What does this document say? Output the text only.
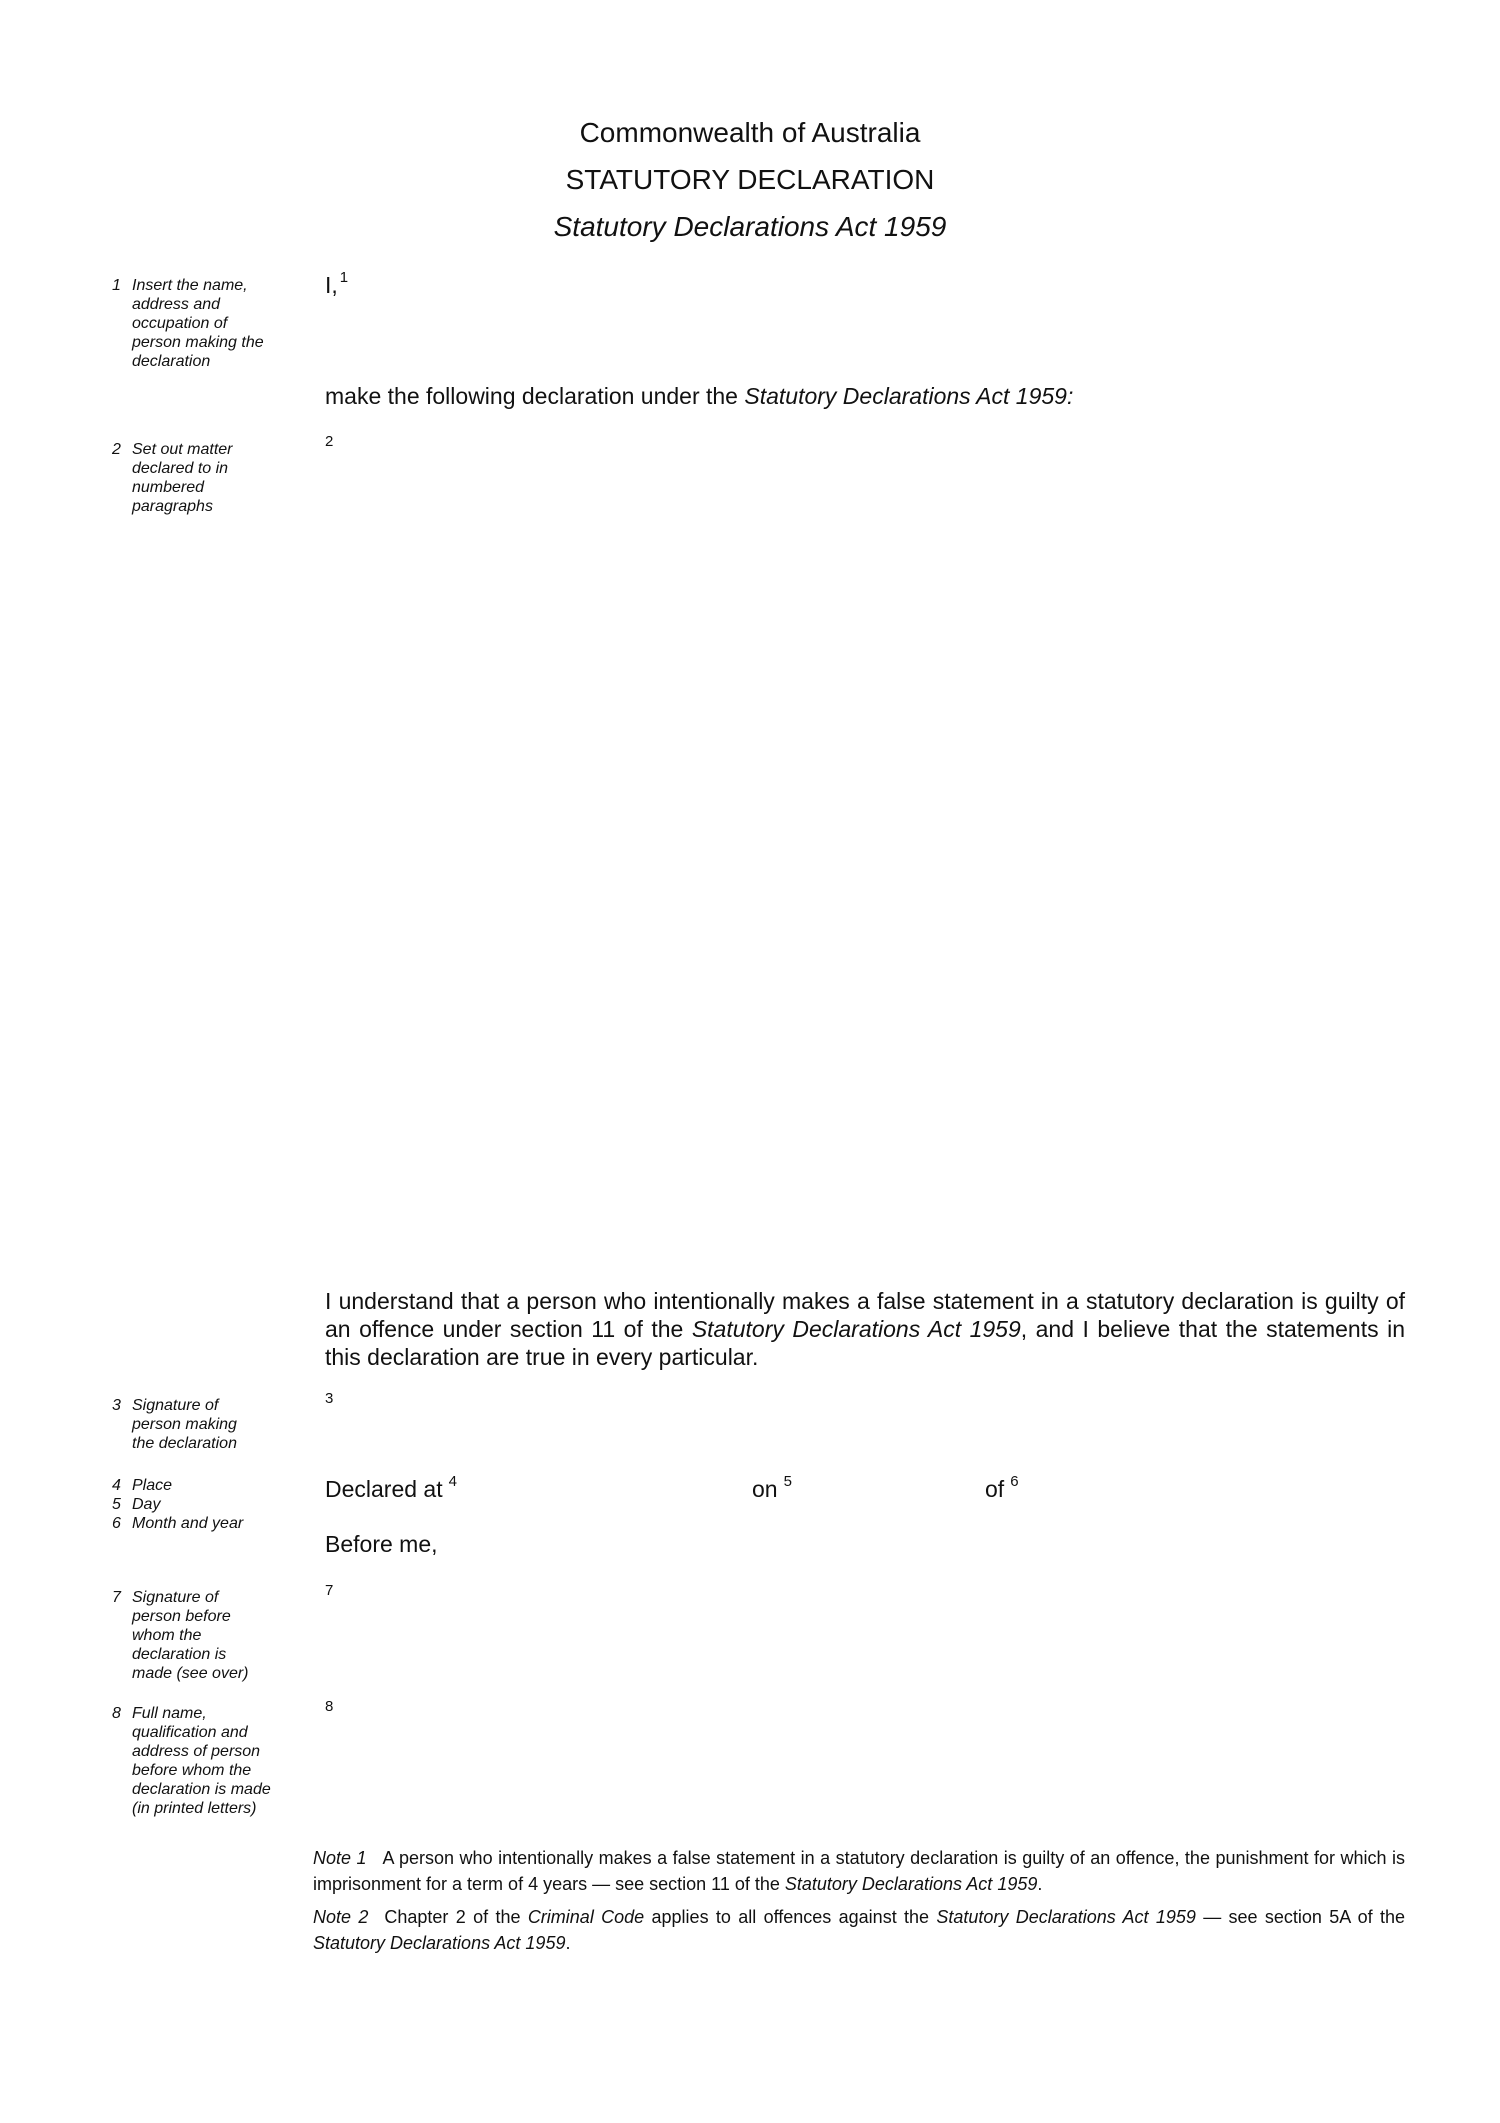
Commonwealth of Australia
STATUTORY DECLARATION
Statutory Declarations Act 1959
1 Insert the name, address and occupation of person making the declaration
I, $^1$
make the following declaration under the Statutory Declarations Act 1959:
2 Set out matter declared to in numbered paragraphs
2
I understand that a person who intentionally makes a false statement in a statutory declaration is guilty of an offence under section 11 of the Statutory Declarations Act 1959, and I believe that the statements in this declaration are true in every particular.
3 Signature of person making the declaration
3
4 Place
5 Day
6 Month and year
Declared at $^4$	on $^5$	of $^6$
Before me,
7 Signature of person before whom the declaration is made (see over)
7
8 Full name, qualification and address of person before whom the declaration is made (in printed letters)
8
Note 1 A person who intentionally makes a false statement in a statutory declaration is guilty of an offence, the punishment for which is imprisonment for a term of 4 years — see section 11 of the Statutory Declarations Act 1959.
Note 2 Chapter 2 of the Criminal Code applies to all offences against the Statutory Declarations Act 1959 — see section 5A of the Statutory Declarations Act 1959.
